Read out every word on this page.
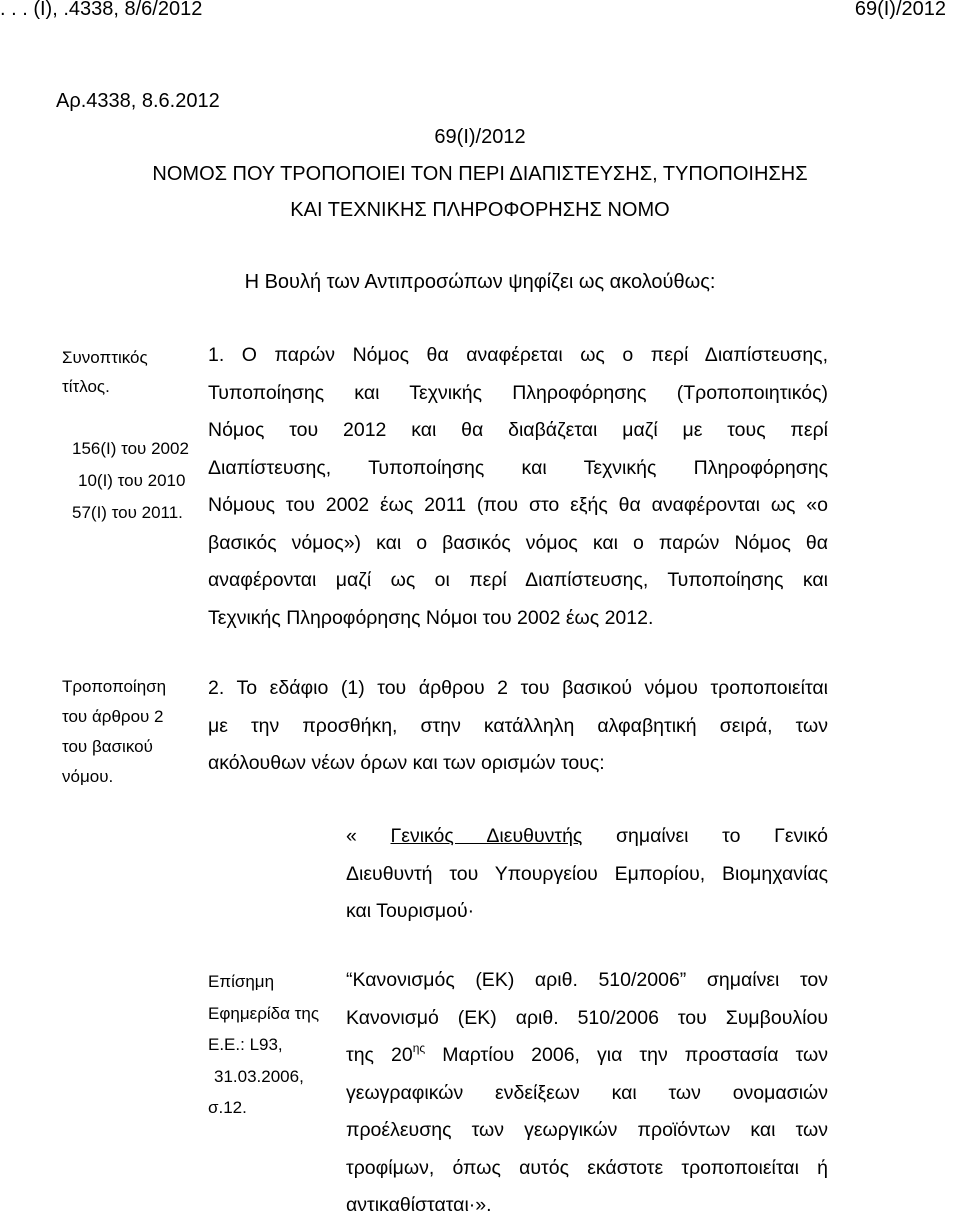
. . . (I), .4338, 8/6/2012	69(I)/2012
Αρ.4338, 8.6.2012
69(Ι)/2012
ΝΟΜΟΣ ΠΟΥ ΤΡΟΠΟΠΟΙΕΙ ΤΟΝ ΠΕΡΙ ΔΙΑΠΙΣΤΕΥΣΗΣ, ΤΥΠΟΠΟΙΗΣΗΣ
ΚΑΙ ΤΕΧΝΙΚΗΣ ΠΛΗΡΟΦΟΡΗΣΗΣ ΝΟΜΟ
Η Βουλή των Αντιπροσώπων ψηφίζει ως ακολούθως:
Συνοπτικός
τίτλος.
156(Ι) του 2002
10(Ι) του 2010
57(Ι) του 2011.
1. Ο παρών Νόμος θα αναφέρεται ως ο περί Διαπίστευσης,
Τυποποίησης και Τεχνικής Πληροφόρησης (Τροποποιητικός)
Νόμος του 2012 και θα διαβάζεται μαζί με τους περί
Διαπίστευσης, Τυποποίησης και Τεχνικής Πληροφόρησης
Νόμους του 2002 έως 2011 (που στο εξής θα αναφέρονται ως «ο
βασικός νόμος») και ο βασικός νόμος και ο παρών Νόμος θα
αναφέρονται μαζί ως οι περί Διαπίστευσης, Τυποποίησης και
Τεχνικής Πληροφόρησης Νόμοι του 2002 έως 2012.
Τροποποίηση
του άρθρου 2
του βασικού
νόμου.
2. Το εδάφιο (1) του άρθρου 2 του βασικού νόμου τροποποιείται
με την προσθήκη, στην κατάλληλη αλφαβητική σειρά, των
ακόλουθων νέων όρων και των ορισμών τους:
« Γενικός Διευθυντής σημαίνει το Γενικό
Διευθυντή του Υπουργείου Εμπορίου, Βιομηχανίας
και Τουρισμού·
Επίσημη
Εφημερίδα της
Ε.Ε.: L93,
31.03.2006,
σ.12.
“Κανονισμός (ΕΚ) αριθ. 510/2006” σημαίνει τον
Κανονισμό (ΕΚ) αριθ. 510/2006 του Συμβουλίου
της $20^{\eta\varsigma}$ Μαρτίου 2006, για την προστασία των
γεωγραφικών ενδείξεων και των ονομασιών
προέλευσης των γεωργικών προϊόντων και των
τροφίμων, όπως αυτός εκάστοτε τροποποιείται ή
αντικαθίσταται·».
